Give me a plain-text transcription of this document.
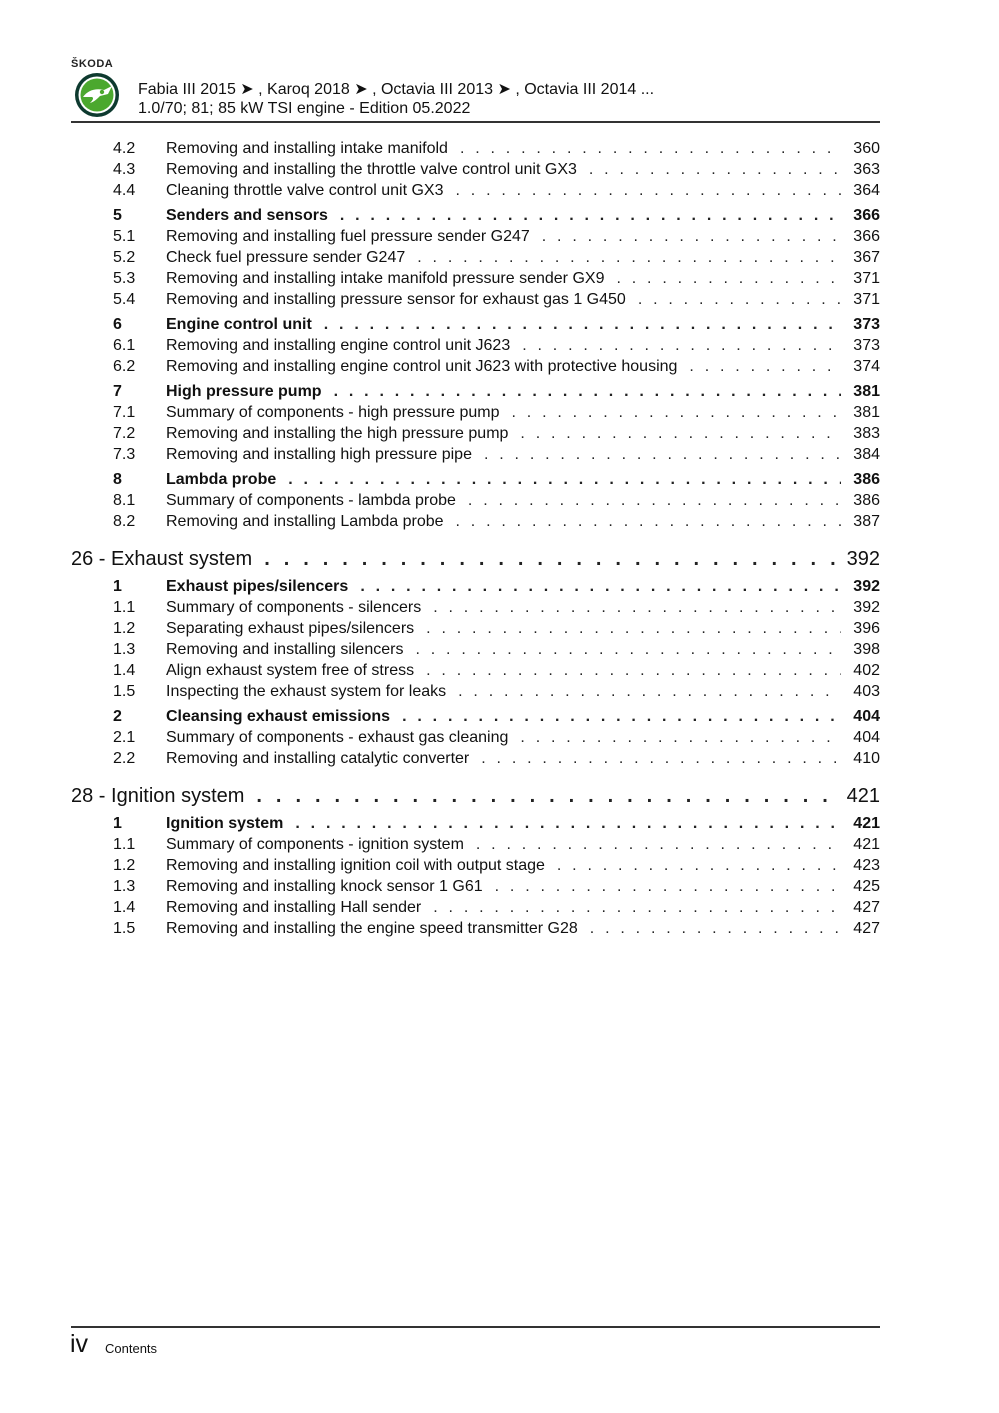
ŠKODA
Fabia III 2015 ➤ , Karoq 2018 ➤ , Octavia III 2013 ➤ , Octavia III 2014 ...
1.0/70; 81; 85 kW TSI engine - Edition 05.2022
4.2 Removing and installing intake manifold . . .	360
4.3 Removing and installing the throttle valve control unit GX3 . . .	363
4.4 Cleaning throttle valve control unit GX3 . . .	364
5	Senders and sensors . . .	366
5.1 Removing and installing fuel pressure sender G247 . . .	366
5.2 Check fuel pressure sender G247 . . .	367
5.3 Removing and installing intake manifold pressure sender GX9 . . .	371
5.4 Removing and installing pressure sensor for exhaust gas 1 G450 . . .	371
6	Engine control unit . . .	373
6.1 Removing and installing engine control unit J623 . . .	373
6.2 Removing and installing engine control unit J623 with protective housing . . .	374
7	High pressure pump . . .	381
7.1 Summary of components - high pressure pump . . .	381
7.2 Removing and installing the high pressure pump . . .	383
7.3 Removing and installing high pressure pipe . . .	384
8	Lambda probe . . .	386
8.1 Summary of components - lambda probe . . .	386
8.2 Removing and installing Lambda probe . . .	387
26 - Exhaust system . . .	392
1	Exhaust pipes/silencers . . .	392
1.1 Summary of components - silencers . . .	392
1.2 Separating exhaust pipes/silencers . . .	396
1.3 Removing and installing silencers . . .	398
1.4 Align exhaust system free of stress . . .	402
1.5 Inspecting the exhaust system for leaks . . .	403
2	Cleansing exhaust emissions . . .	404
2.1 Summary of components - exhaust gas cleaning . . .	404
2.2 Removing and installing catalytic converter . . .	410
28 - Ignition system . . .	421
1	Ignition system . . .	421
1.1 Summary of components - ignition system . . .	421
1.2 Removing and installing ignition coil with output stage . . .	423
1.3 Removing and installing knock sensor 1 G61 . . .	425
1.4 Removing and installing Hall sender . . .	427
1.5 Removing and installing the engine speed transmitter G28 . . .	427
iv Contents
